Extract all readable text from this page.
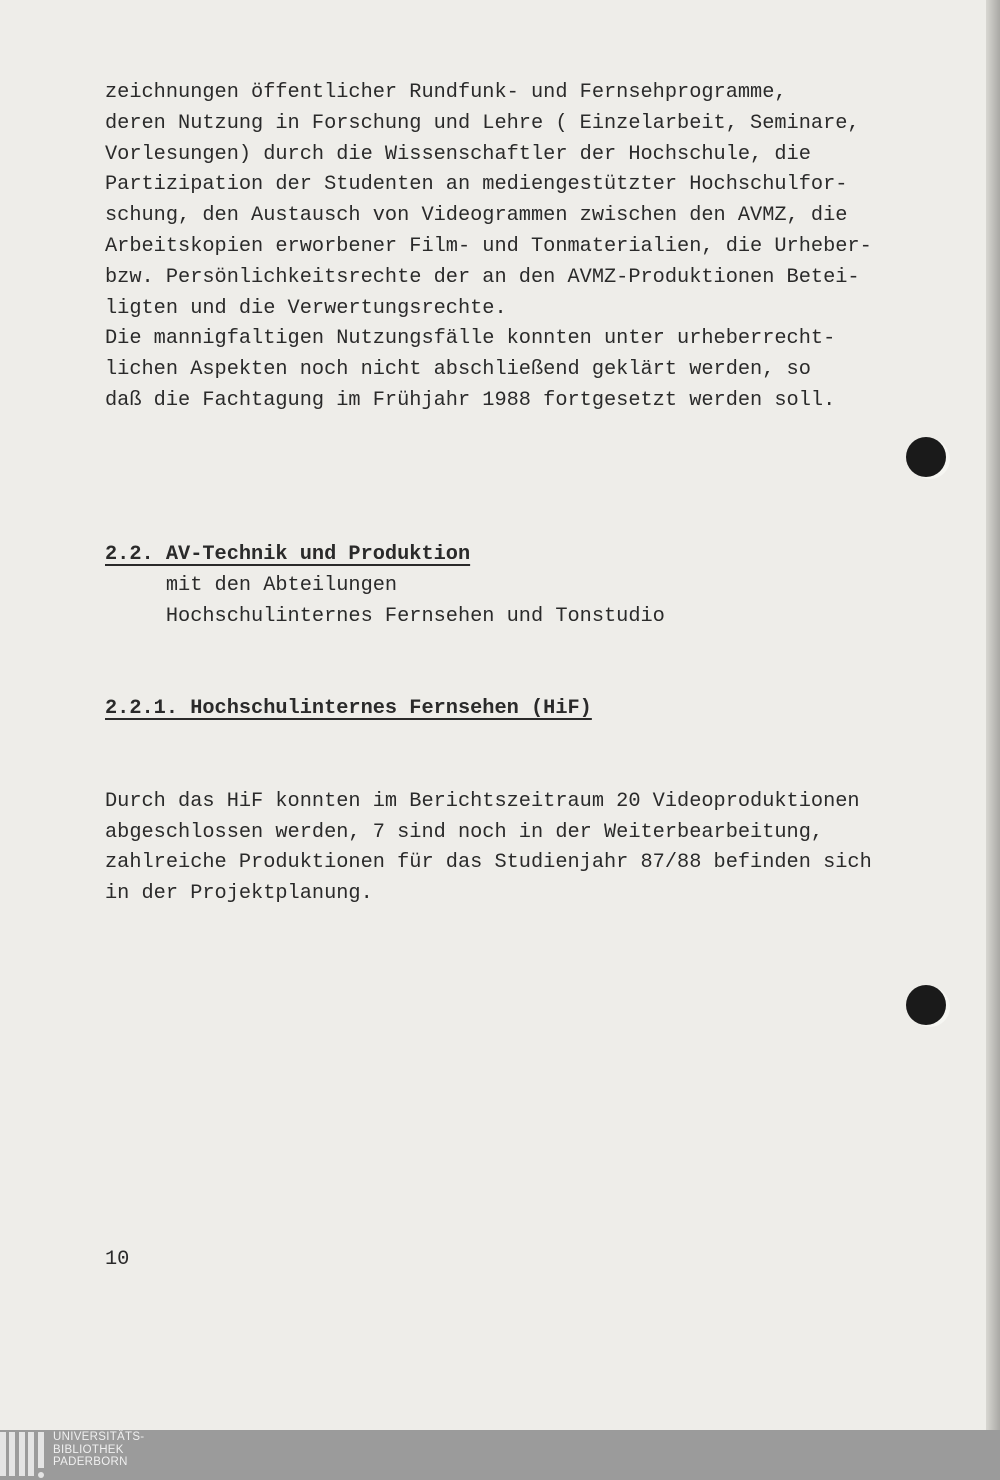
zeichnungen öffentlicher Rundfunk- und Fernsehprogramme,
deren Nutzung in Forschung und Lehre ( Einzelarbeit, Seminare,
Vorlesungen) durch die Wissenschaftler der Hochschule, die
Partizipation der Studenten an mediengestützter Hochschulfor-
schung, den Austausch von Videogrammen zwischen den AVMZ, die
Arbeitskopien erworbener Film- und Tonmaterialien, die Urheber-
bzw. Persönlichkeitsrechte der an den AVMZ-Produktionen Betei-
ligten und die Verwertungsrechte.
Die mannigfaltigen Nutzungsfälle konnten unter urheberrecht-
lichen Aspekten noch nicht abschließend geklärt werden, so
daß die Fachtagung im Frühjahr 1988 fortgesetzt werden soll.
2.2. AV-Technik und Produktion
mit den Abteilungen
Hochschulinternes Fernsehen und Tonstudio
2.2.1. Hochschulinternes Fernsehen (HiF)
Durch das HiF konnten im Berichtszeitraum 20 Videoproduktionen
abgeschlossen werden, 7 sind noch in der Weiterbearbeitung,
zahlreiche Produktionen für das Studienjahr 87/88 befinden sich
in der Projektplanung.
10
UNIVERSITÄTS-
BIBLIOTHEK
PADERBORN
